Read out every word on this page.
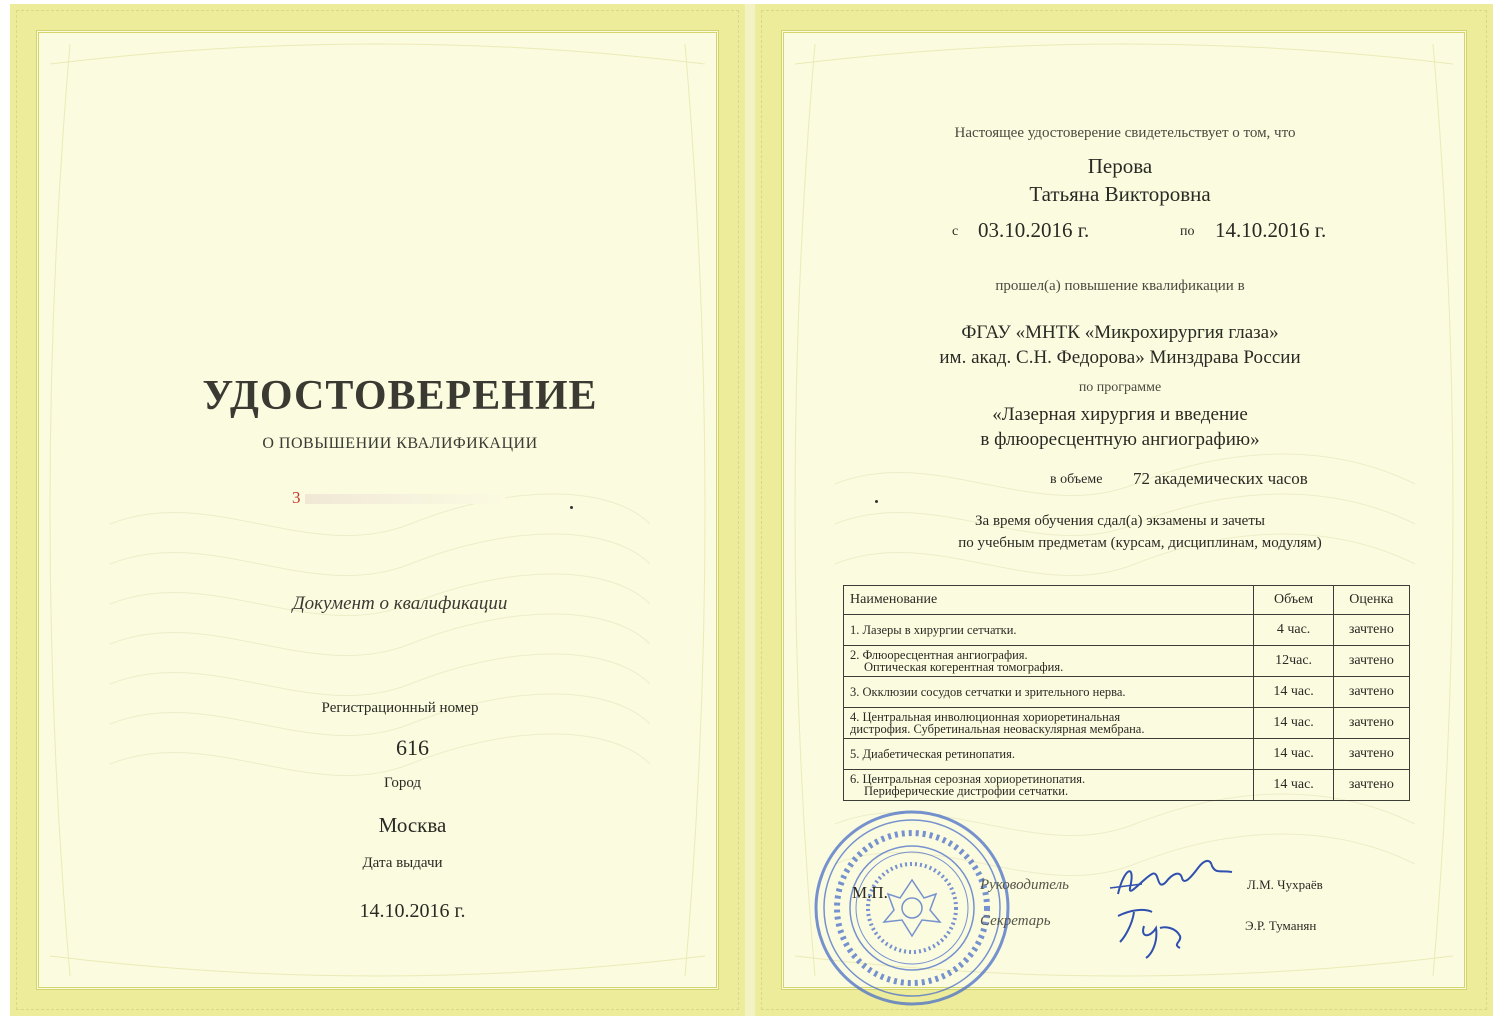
УДОСТОВЕРЕНИЕ
О ПОВЫШЕНИИ КВАЛИФИКАЦИИ
3
Документ о квалификации
Регистрационный номер
616
Город
Москва
Дата выдачи
14.10.2016 г.
Настоящее удостоверение свидетельствует о том, что
Перова
Татьяна Викторовна
с 03.10.2016 г.	по 14.10.2016 г.
прошел(а) повышение квалификации в
ФГАУ «МНТК «Микрохирургия глаза»
им. акад. С.Н. Федорова» Минздрава России
по программе
«Лазерная хирургия и введение
в флюоресцентную ангиографию»
в объеме 72 академических часов
За время обучения сдал(а) экзамены и зачеты
по учебным предметам (курсам, дисциплинам, модулям)
Наименование	Объем	Оценка

1. Лазеры в хирургии сетчатки.	4 час.	зачтено

2. Флюоресцентная ангиография.
Оптическая когерентная томография.	12час.	зачтено

3. Окклюзии сосудов сетчатки и зрительного нерва.	14 час.	зачтено

4. Центральная инволюционная хориоретинальная
дистрофия. Субретинальная неоваскулярная мембрана.	14 час.	зачтено

5. Диабетическая ретинопатия.	14 час.	зачтено

6. Центральная серозная хориоретинопатия.
Периферические дистрофии сетчатки.	14 час.	зачтено
М.П.	Руководитель
Секретарь
Л.М. Чухраёв
Э.Р. Туманян
